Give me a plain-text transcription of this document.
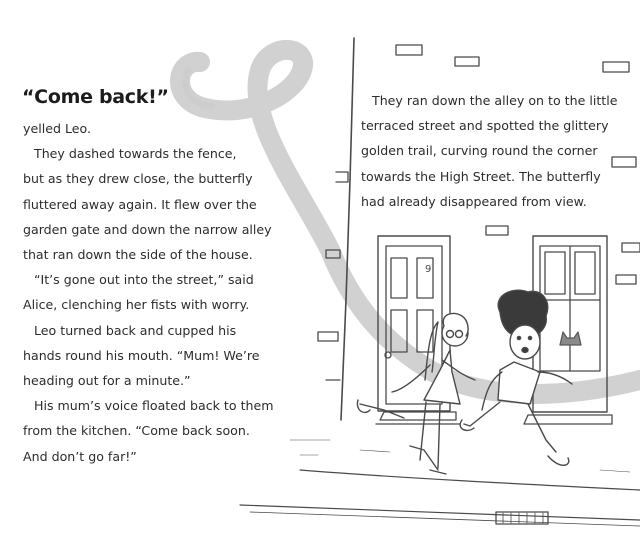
“Come back!”
yelled Leo.
They dashed towards the fence,
but as they drew close, the butterfly
fluttered away again. It flew over the
garden gate and down the narrow alley
that ran down the side of the house.
“It’s gone out into the street,” said
Alice, clenching her fists with worry.
Leo turned back and cupped his
hands round his mouth. “Mum! We’re
heading out for a minute.”
His mum’s voice floated back to them
from the kitchen. “Come back soon.
And don’t go far!”
They ran down the alley on to the little
terraced street and spotted the glittery
golden trail, curving round the corner
towards the High Street. The butterfly
had already disappeared from view.
9
